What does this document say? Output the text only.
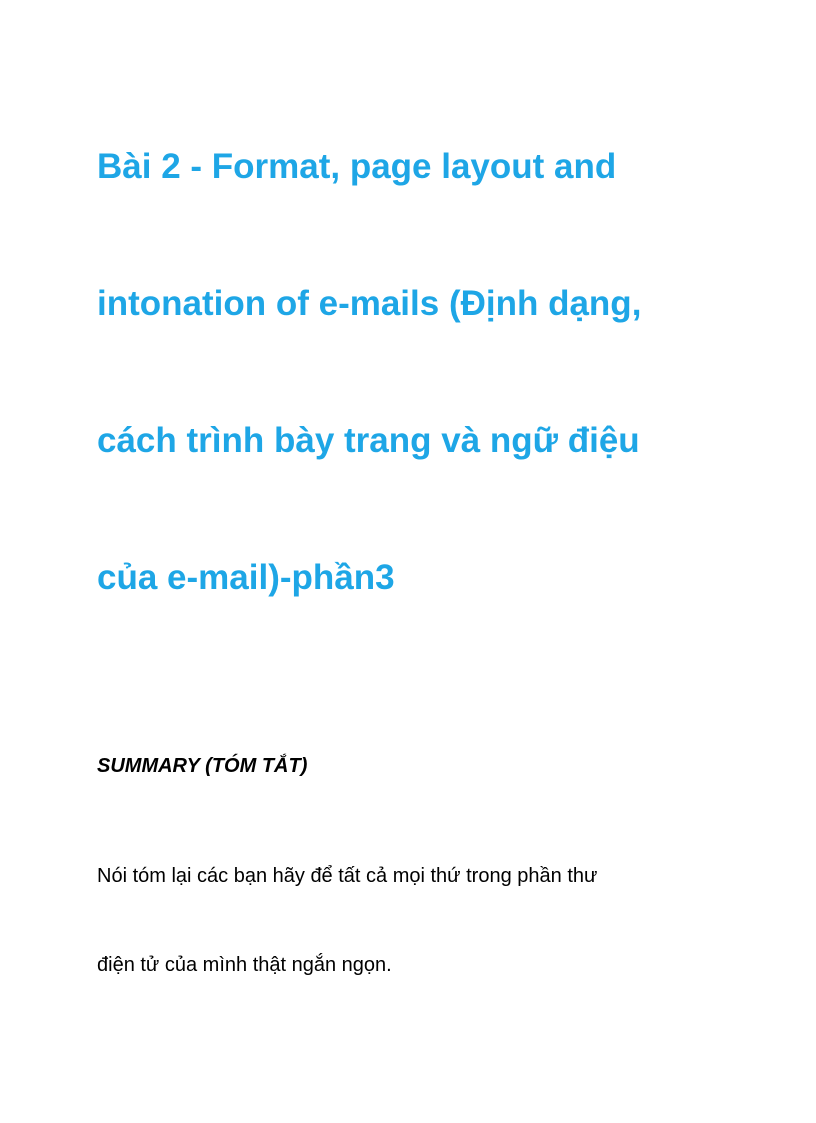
Bài 2 - Format, page layout and
intonation of e-mails (Định dạng,
cách trình bày trang và ngữ điệu
của e-mail)-phần3
SUMMARY (TÓM TẮT)

Nói tóm lại các bạn hãy để tất cả mọi thứ trong phần thư

điện tử của mình thật ngắn ngọn.
